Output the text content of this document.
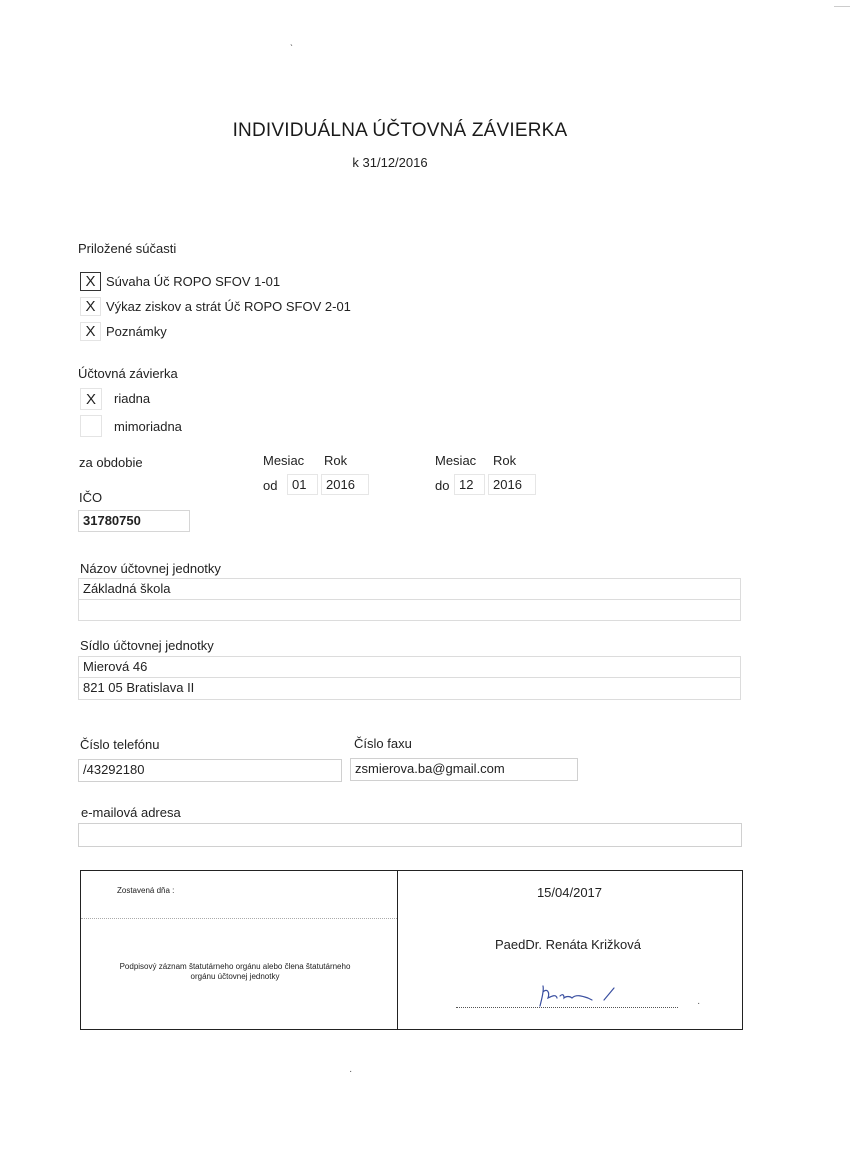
ˎ
INDIVIDUÁLNA ÚČTOVNÁ ZÁVIERKA
k 31/12/2016
Priložené súčasti
X Súvaha Úč ROPO SFOV 1-01
X Výkaz ziskov a strát Úč ROPO SFOV 2-01
X Poznámky
Účtovná závierka
X	riadna
mimoriadna
za obdobie	Mesiac Rok
od	01	2016
Mesiac Rok
do 12	2016
IČO
31780750
Názov účtovnej jednotky
Základná škola
Sídlo účtovnej jednotky
Mierová 46
821 05 Bratislava II
Číslo telefónu
/43292180
Číslo faxu
zsmierova.ba@gmail.com
e-mailová adresa
Zostavená dňa :	15/04/2017
Podpisový záznam štatutárneho orgánu alebo člena štatutárneho orgánu účtovnej jednotky
PaedDr. Renáta Križková
·
·
